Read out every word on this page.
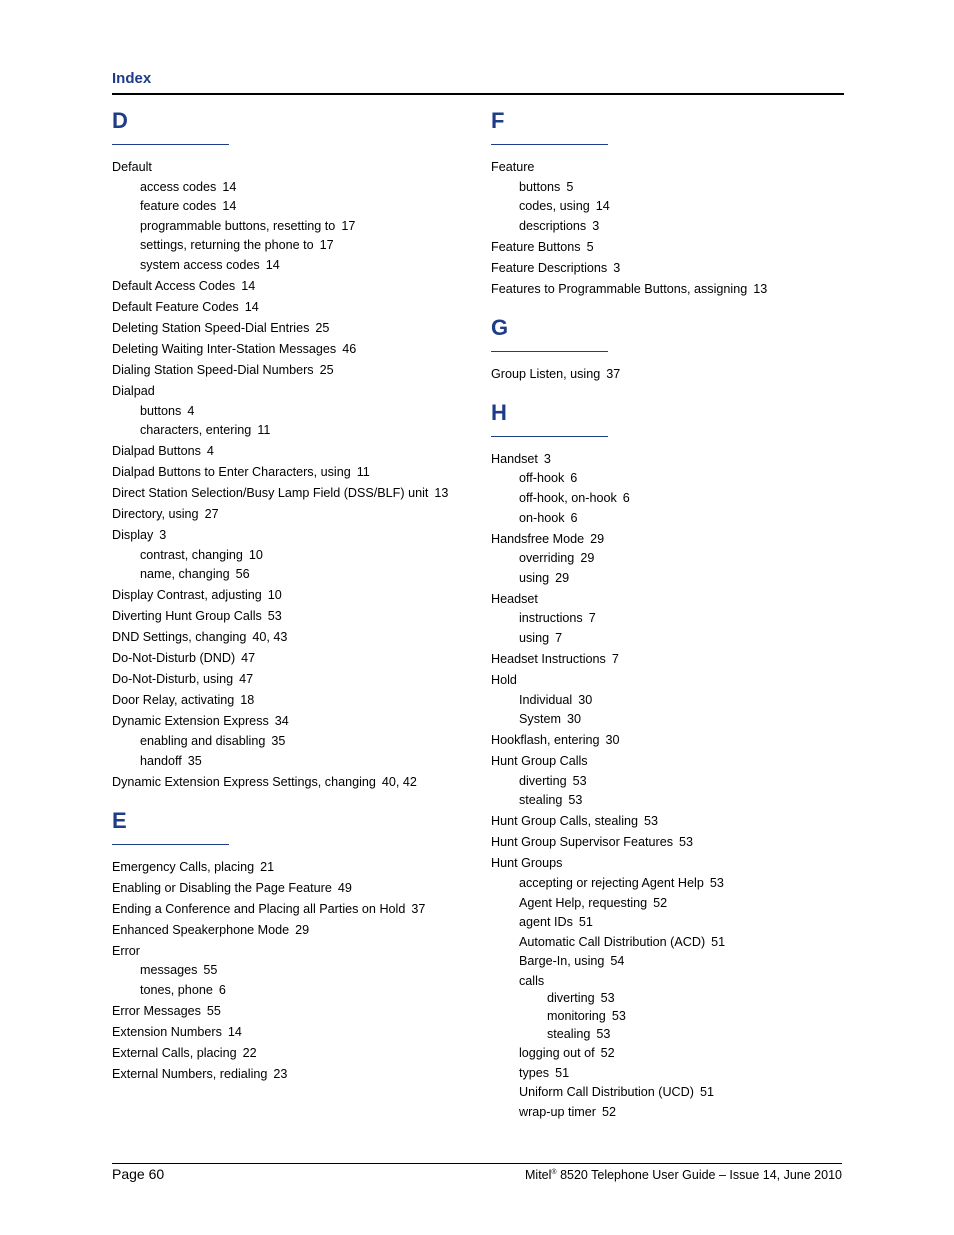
Index
D
Default
access codes 14
feature codes 14
programmable buttons, resetting to 17
settings, returning the phone to 17
system access codes 14
Default Access Codes 14
Default Feature Codes 14
Deleting Station Speed-Dial Entries 25
Deleting Waiting Inter-Station Messages 46
Dialing Station Speed-Dial Numbers 25
Dialpad
buttons 4
characters, entering 11
Dialpad Buttons 4
Dialpad Buttons to Enter Characters, using 11
Direct Station Selection/Busy Lamp Field (DSS/BLF) unit 13
Directory, using 27
Display 3
contrast, changing 10
name, changing 56
Display Contrast, adjusting 10
Diverting Hunt Group Calls 53
DND Settings, changing 40, 43
Do-Not-Disturb (DND) 47
Do-Not-Disturb, using 47
Door Relay, activating 18
Dynamic Extension Express 34
enabling and disabling 35
handoff 35
Dynamic Extension Express Settings, changing 40, 42
E
Emergency Calls, placing 21
Enabling or Disabling the Page Feature 49
Ending a Conference and Placing all Parties on Hold 37
Enhanced Speakerphone Mode 29
Error
messages 55
tones, phone 6
Error Messages 55
Extension Numbers 14
External Calls, placing 22
External Numbers, redialing 23
F
Feature
buttons 5
codes, using 14
descriptions 3
Feature Buttons 5
Feature Descriptions 3
Features to Programmable Buttons, assigning 13
G
Group Listen, using 37
H
Handset 3
off-hook 6
off-hook, on-hook 6
on-hook 6
Handsfree Mode 29
overriding 29
using 29
Headset
instructions 7
using 7
Headset Instructions 7
Hold
Individual 30
System 30
Hookflash, entering 30
Hunt Group Calls
diverting 53
stealing 53
Hunt Group Calls, stealing 53
Hunt Group Supervisor Features 53
Hunt Groups
accepting or rejecting Agent Help 53
Agent Help, requesting 52
agent IDs 51
Automatic Call Distribution (ACD) 51
Barge-In, using 54
calls
diverting 53
monitoring 53
stealing 53
logging out of 52
types 51
Uniform Call Distribution (UCD) 51
wrap-up timer 52
Page 60	Mitel® 8520 Telephone User Guide – Issue 14, June 2010
